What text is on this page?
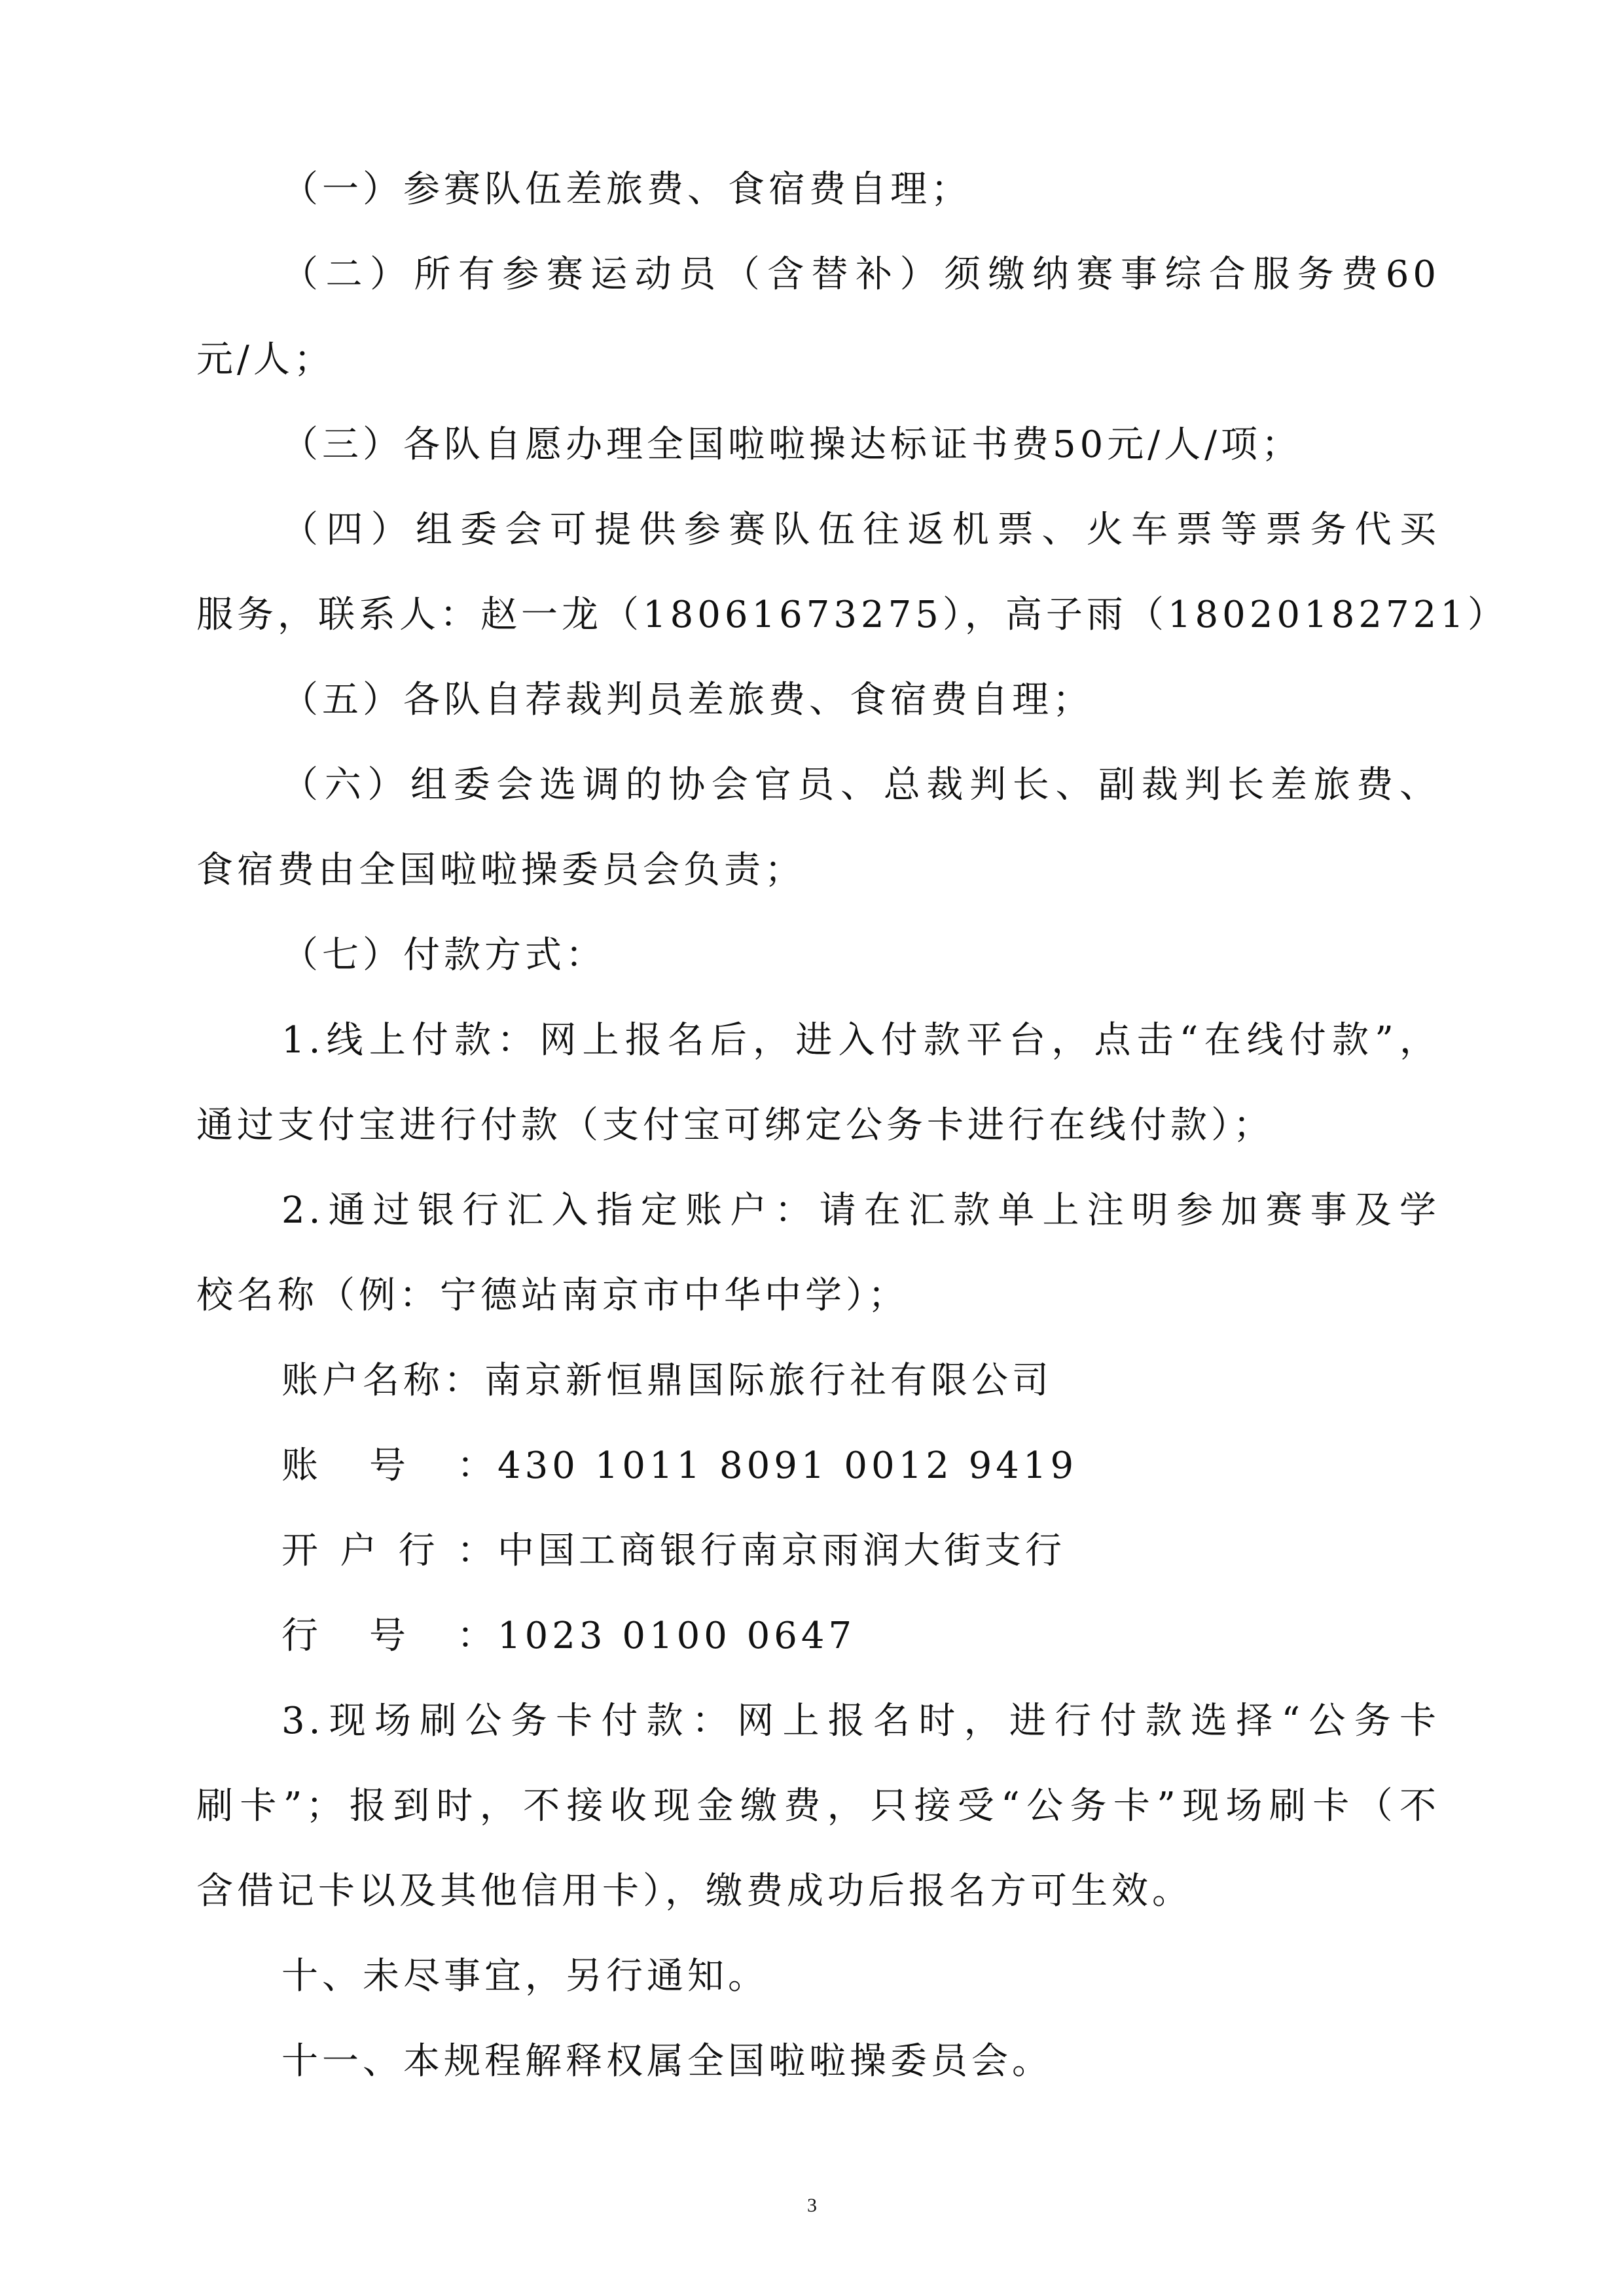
（一）参赛队伍差旅费、食宿费自理；
（二）所有参赛运动员（含替补）须缴纳赛事综合服务费60
元/人；
（三）各队自愿办理全国啦啦操达标证书费50元/人/项；
（四）组委会可提供参赛队伍往返机票、火车票等票务代买
服务，联系人：赵一龙（18061673275），高子雨（18020182721）
（五）各队自荐裁判员差旅费、食宿费自理；
（六）组委会选调的协会官员、总裁判长、副裁判长差旅费、
食宿费由全国啦啦操委员会负责；
（七）付款方式：
1.线上付款：网上报名后，进入付款平台，点击“在线付款”，
通过支付宝进行付款（支付宝可绑定公务卡进行在线付款）；
2.通过银行汇入指定账户：请在汇款单上注明参加赛事及学
校名称（例：宁德站南京市中华中学）；
账户名称：南京新恒鼎国际旅行社有限公司
账号：430 1011 8091 0012 9419
开户行：中国工商银行南京雨润大街支行
行号：1023 0100 0647
3.现场刷公务卡付款：网上报名时，进行付款选择“公务卡
刷卡”；报到时，不接收现金缴费，只接受“公务卡”现场刷卡（不
含借记卡以及其他信用卡），缴费成功后报名方可生效。
十、未尽事宜，另行通知。
十一、本规程解释权属全国啦啦操委员会。
3
